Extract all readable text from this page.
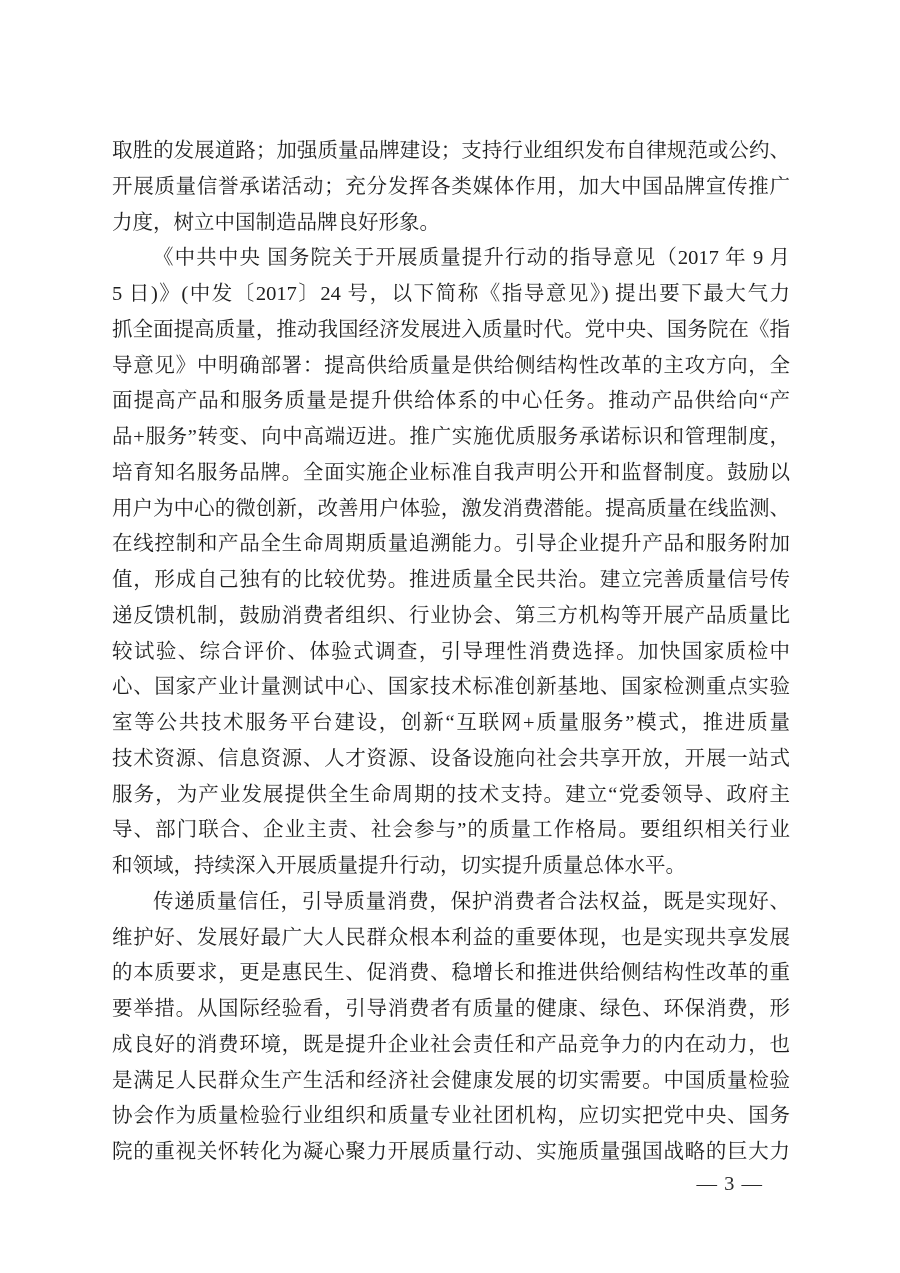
取胜的发展道路；加强质量品牌建设；支持行业组织发布自律规范或公约、
开展质量信誉承诺活动；充分发挥各类媒体作用，加大中国品牌宣传推广
力度，树立中国制造品牌良好形象。
《中共中央 国务院关于开展质量提升行动的指导意见（2017 年 9 月
5 日)》(中发〔2017〕24 号，以下简称《指导意见》) 提出要下最大气力
抓全面提高质量，推动我国经济发展进入质量时代。党中央、国务院在《指
导意见》中明确部署：提高供给质量是供给侧结构性改革的主攻方向，全
面提高产品和服务质量是提升供给体系的中心任务。推动产品供给向“产
品+服务”转变、向中高端迈进。推广实施优质服务承诺标识和管理制度，
培育知名服务品牌。全面实施企业标准自我声明公开和监督制度。鼓励以
用户为中心的微创新，改善用户体验，激发消费潜能。提高质量在线监测、
在线控制和产品全生命周期质量追溯能力。引导企业提升产品和服务附加
值，形成自己独有的比较优势。推进质量全民共治。建立完善质量信号传
递反馈机制，鼓励消费者组织、行业协会、第三方机构等开展产品质量比
较试验、综合评价、体验式调查，引导理性消费选择。加快国家质检中
心、国家产业计量测试中心、国家技术标准创新基地、国家检测重点实验
室等公共技术服务平台建设，创新“互联网+质量服务”模式，推进质量
技术资源、信息资源、人才资源、设备设施向社会共享开放，开展一站式
服务，为产业发展提供全生命周期的技术支持。建立“党委领导、政府主
导、部门联合、企业主责、社会参与”的质量工作格局。要组织相关行业
和领域，持续深入开展质量提升行动，切实提升质量总体水平。
传递质量信任，引导质量消费，保护消费者合法权益，既是实现好、
维护好、发展好最广大人民群众根本利益的重要体现，也是实现共享发展
的本质要求，更是惠民生、促消费、稳增长和推进供给侧结构性改革的重
要举措。从国际经验看，引导消费者有质量的健康、绿色、环保消费，形
成良好的消费环境，既是提升企业社会责任和产品竞争力的内在动力，也
是满足人民群众生产生活和经济社会健康发展的切实需要。中国质量检验
协会作为质量检验行业组织和质量专业社团机构，应切实把党中央、国务
院的重视关怀转化为凝心聚力开展质量行动、实施质量强国战略的巨大力
— 3 —
